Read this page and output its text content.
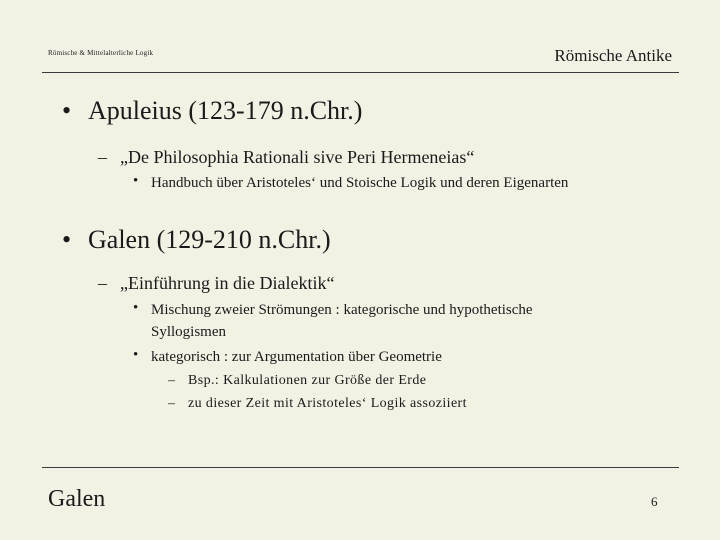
Römische & Mittelalterliche Logik	Römische Antike
• Apuleius (123-179 n.Chr.)
– „De Philosophia Rationali sive Peri Hermeneias“
• Handbuch über Aristoteles‘ und Stoische Logik und deren Eigenarten
• Galen (129-210 n.Chr.)
– „Einführung in die Dialektik“
• Mischung zweier Strömungen : kategorische und hypothetische
Syllogismen
• kategorisch : zur Argumentation über Geometrie
– Bsp.: Kalkulationen zur Größe der Erde
– zu dieser Zeit mit Aristoteles‘ Logik assoziiert
Galen	6
